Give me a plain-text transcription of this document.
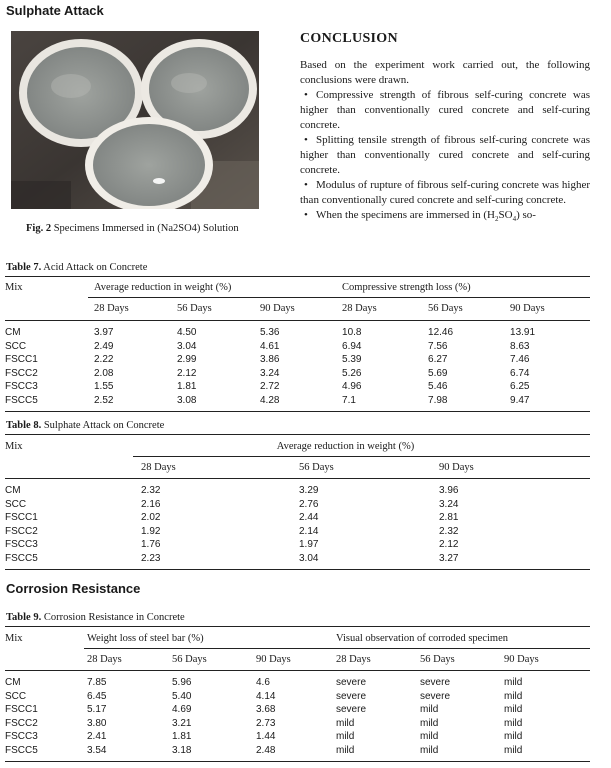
Sulphate Attack
Fig. 2 Specimens Immersed in (Na2SO4) Solution
CONCLUSION

Based on the experiment work carried out, the following conclusions were drawn.

• Compressive strength of fibrous self-curing concrete was higher than conventionally cured concrete and self-curing concrete.
• Splitting tensile strength of fibrous self-curing concrete was higher than conventionally cured concrete and self-curing concrete.
• Modulus of rupture of fibrous self-curing concrete was higher than conventionally cured concrete and self-curing concrete.
• When the specimens are immersed in $(H_2SO_4)$ so-
Table 7. Acid Attack on Concrete
Mix	Average reduction in weight (%)			Compressive strength loss (%)		
	28 Days	56 Days	90 Days	28 Days	56 Days	90 Days

CM	3.97	4.50	5.36	10.8	12.46	13.91
SCC	2.49	3.04	4.61	6.94	7.56	8.63
FSCC1	2.22	2.99	3.86	5.39	6.27	7.46
FSCC2	2.08	2.12	3.24	5.26	5.69	6.74
FSCC3	1.55	1.81	2.72	4.96	5.46	6.25
FSCC5	2.52	3.08	4.28	7.1	7.98	9.47
Table 8. Sulphate Attack on Concrete
Mix	Average reduction in weight (%)		
	28 Days	56 Days	90 Days

CM	2.32	3.29	3.96
SCC	2.16	2.76	3.24
FSCC1	2.02	2.44	2.81
FSCC2	1.92	2.14	2.32
FSCC3	1.76	1.97	2.12
FSCC5	2.23	3.04	3.27
Corrosion Resistance
Table 9. Corrosion Resistance in Concrete
Mix	Weight loss of steel bar (%)			Visual observation of corroded specimen		
	28 Days	56 Days	90 Days	28 Days	56 Days	90 Days

CM	7.85	5.96	4.6	severe	severe	mild
SCC	6.45	5.40	4.14	severe	severe	mild
FSCC1	5.17	4.69	3.68	severe	mild	mild
FSCC2	3.80	3.21	2.73	mild	mild	mild
FSCC3	2.41	1.81	1.44	mild	mild	mild
FSCC5	3.54	3.18	2.48	mild	mild	mild
